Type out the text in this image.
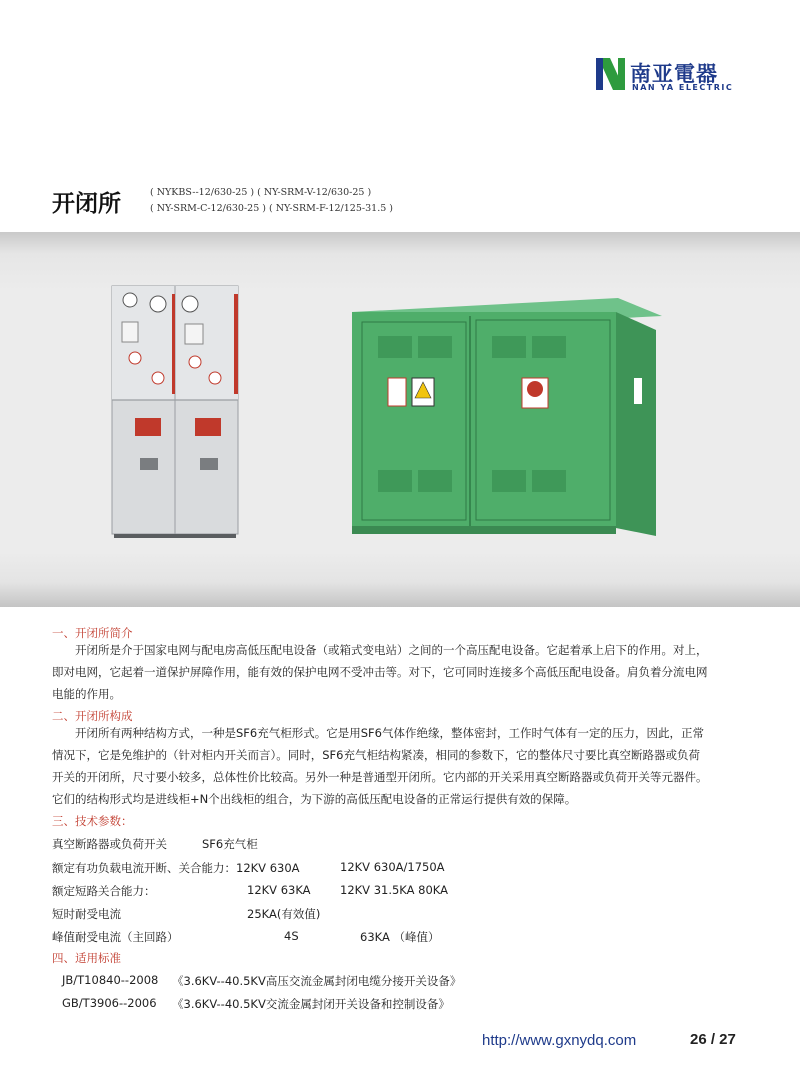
南亚電器
NAN YA ELECTRIC
开闭所	( NYKBS--12/630-25 ) ( NY-SRM-V-12/630-25 )
( NY-SRM-C-12/630-25 ) ( NY-SRM-F-12/125-31.5 )
一、开闭所简介
开闭所是介于国家电网与配电房高低压配电设备（或箱式变电站）之间的一个高压配电设备。它起着承上启下的作用。对上，
即对电网，它起着一道保护屏障作用，能有效的保护电网不受冲击等。对下，它可同时连接多个高低压配电设备。肩负着分流电网
电能的作用。
二、开闭所构成
开闭所有两种结构方式，一种是SF6充气柜形式。它是用SF6气体作绝缘，整体密封，工作时气体有一定的压力，因此，正常
情况下，它是免维护的（针对柜内开关而言）。同时，SF6充气柜结构紧凑，相同的参数下，它的整体尺寸要比真空断路器或负荷
开关的开闭所，尺寸要小较多，总体性价比较高。另外一种是普通型开闭所。它内部的开关采用真空断路器或负荷开关等元器件。
它们的结构形式均是进线柜+N个出线柜的组合，为下游的高低压配电设备的正常运行提供有效的保障。
三、技术参数：
真空断路器或负荷开关	SF6充气柜
额定有功负载电流开断、关合能力：12KV 630A	12KV 630A/1750A
额定短路关合能力：	12KV 63KA	12KV 31.5KA 80KA
短时耐受电流	25KA(有效值)
峰值耐受电流（主回路）	4S	63KA （峰值）
四、适用标准
JB/T10840--2008 《3.6KV--40.5KV高压交流金属封闭电缆分接开关设备》
GB/T3906--2006 《3.6KV--40.5KV交流金属封闭开关设备和控制设备》
http://www.gxnydq.com	26 / 27
